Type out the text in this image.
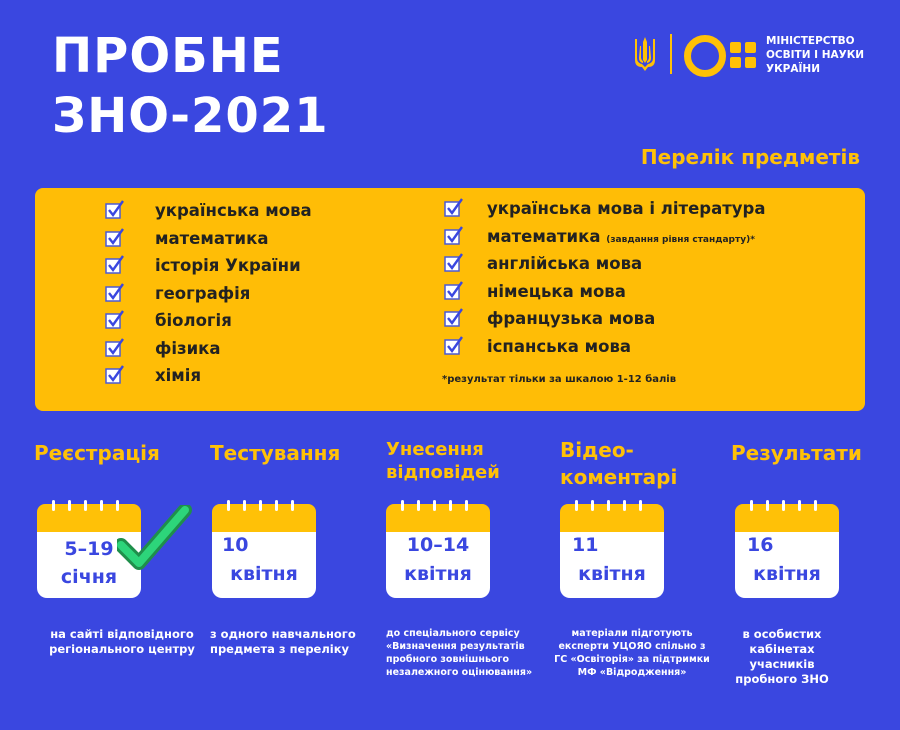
ПРОБНЕ
ЗНО-2021
МІНІСТЕРСТВО
ОСВІТИ І НАУКИ
УКРАЇНИ
Перелік предметів
українська мова
математика
історія України
географія
біологія
фізика
хімія
українська мова і література
математика (завдання рівня стандарту)*
англійська мова
німецька мова
французька мова
іспанська мова
*результат тільки за шкалою 1-12 балів
Реєстрація	Тестування	Унесення відповідей
Відео-коментарі
Результати
5–19
січня
10
квітня
10–14
квітня
11
квітня
16
квітня
на сайті відповідного регіонального центру
з одного навчального предмета з переліку
до спеціального сервісу «Визначення результатів пробного зовнішнього незалежного оцінювання»
матеріали підготують експерти УЦОЯО спільно з ГС «Освіторія» за підтримки МФ «Відродження»
в особистих кабінетах учасників пробного ЗНО
